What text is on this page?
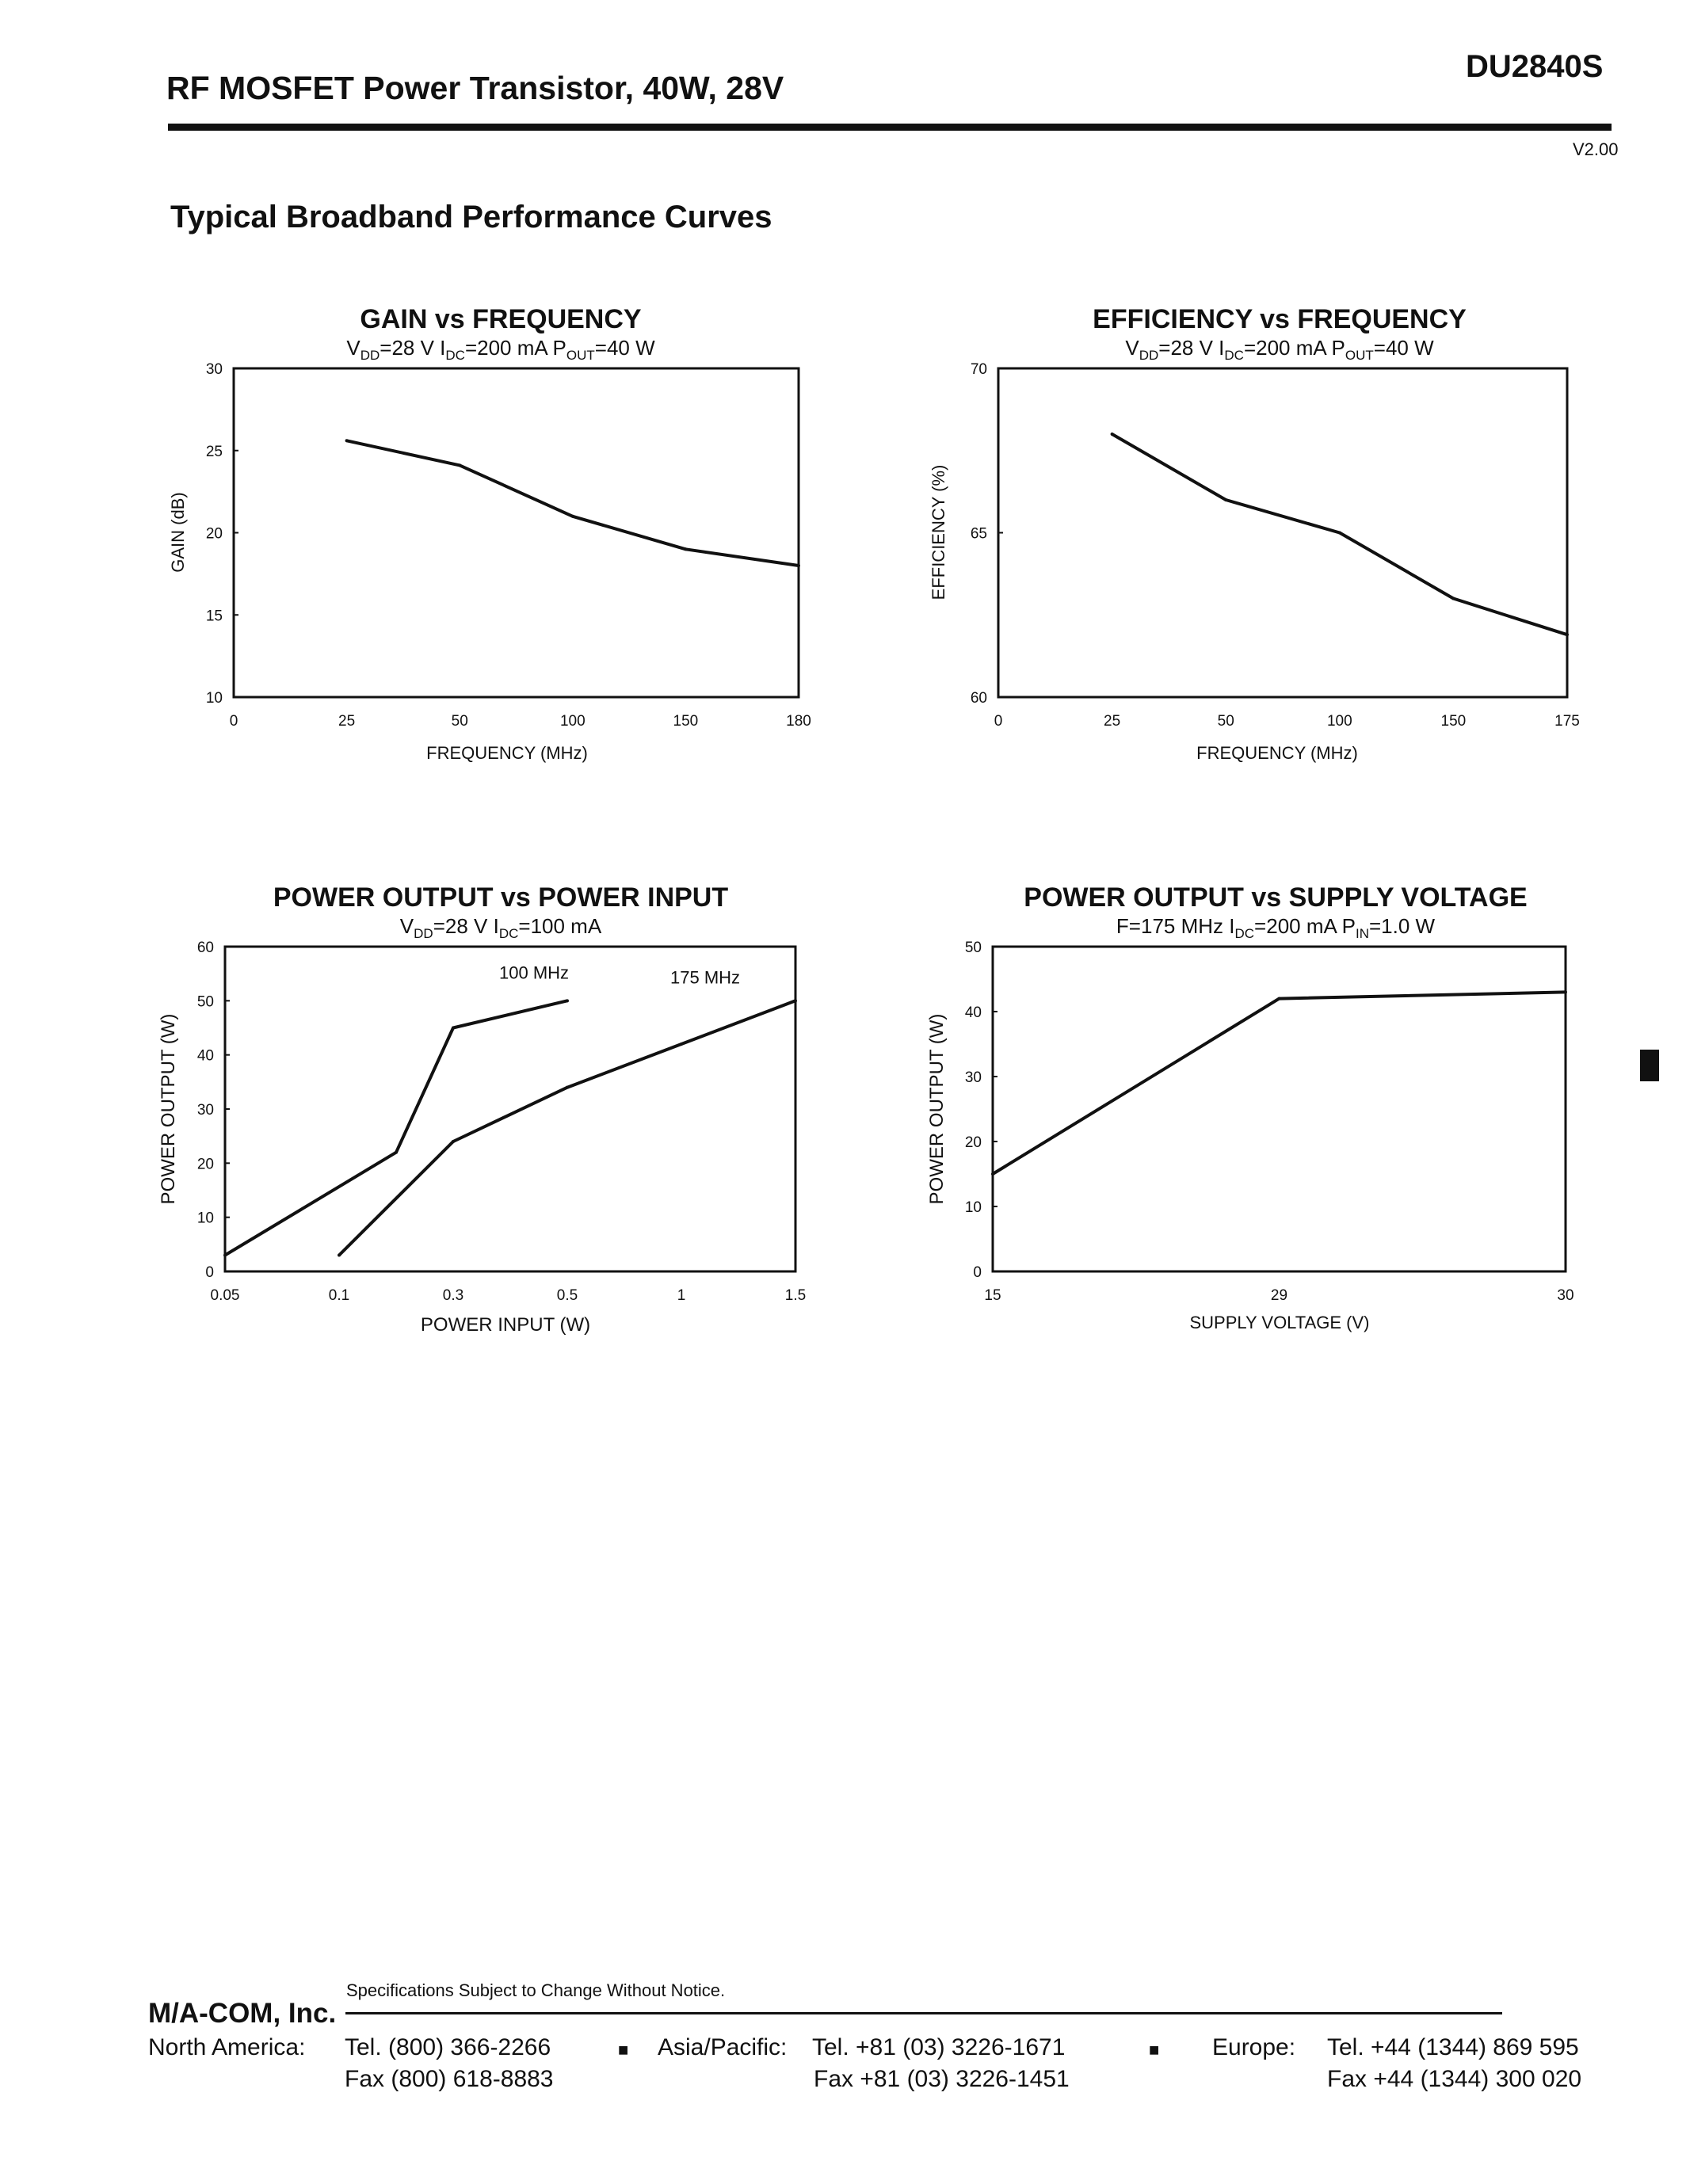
RF MOSFET Power Transistor, 40W, 28V
DU2840S
V2.00
Typical Broadband Performance Curves
GAIN vs FREQUENCY
$V_{DD}=28$ V $I_{DC}=200$ mA $P_{OUT}=40$ W
0	25	50	100	150	180
10
15
20
25
30
FREQUENCY (MHz)
GAIN (dB)
EFFICIENCY vs FREQUENCY
$V_{DD}=28$ V $I_{DC}=200$ mA $P_{OUT}=40$ W
0	25	50	100	150	175
60
65
70
FREQUENCY (MHz)
EFFICIENCY (%)
POWER OUTPUT vs POWER INPUT
$V_{DD}=28$ V $I_{DC}=100$ mA
0.05	0.1	0.3	0.5	1	1.5
0
10
20
30
40
50
60
100 MHz	175 MHz
POWER INPUT (W)
POWER OUTPUT (W)
POWER OUTPUT vs SUPPLY VOLTAGE
F=175 MHz $I_{DC}=200$ mA $P_{IN}=1.0$ W
15	29	30
0
10
20
30
40
50
SUPPLY VOLTAGE (V)
POWER OUTPUT (W)
Specifications Subject to Change Without Notice.
M/A-COM, Inc.
North America: Tel. (800) 366-2266
Fax (800) 618-8883
■ Asia/Pacific: Tel. +81 (03) 3226-1671
Fax +81 (03) 3226-1451
■ Europe: Tel. +44 (1344) 869 595
Fax +44 (1344) 300 020
